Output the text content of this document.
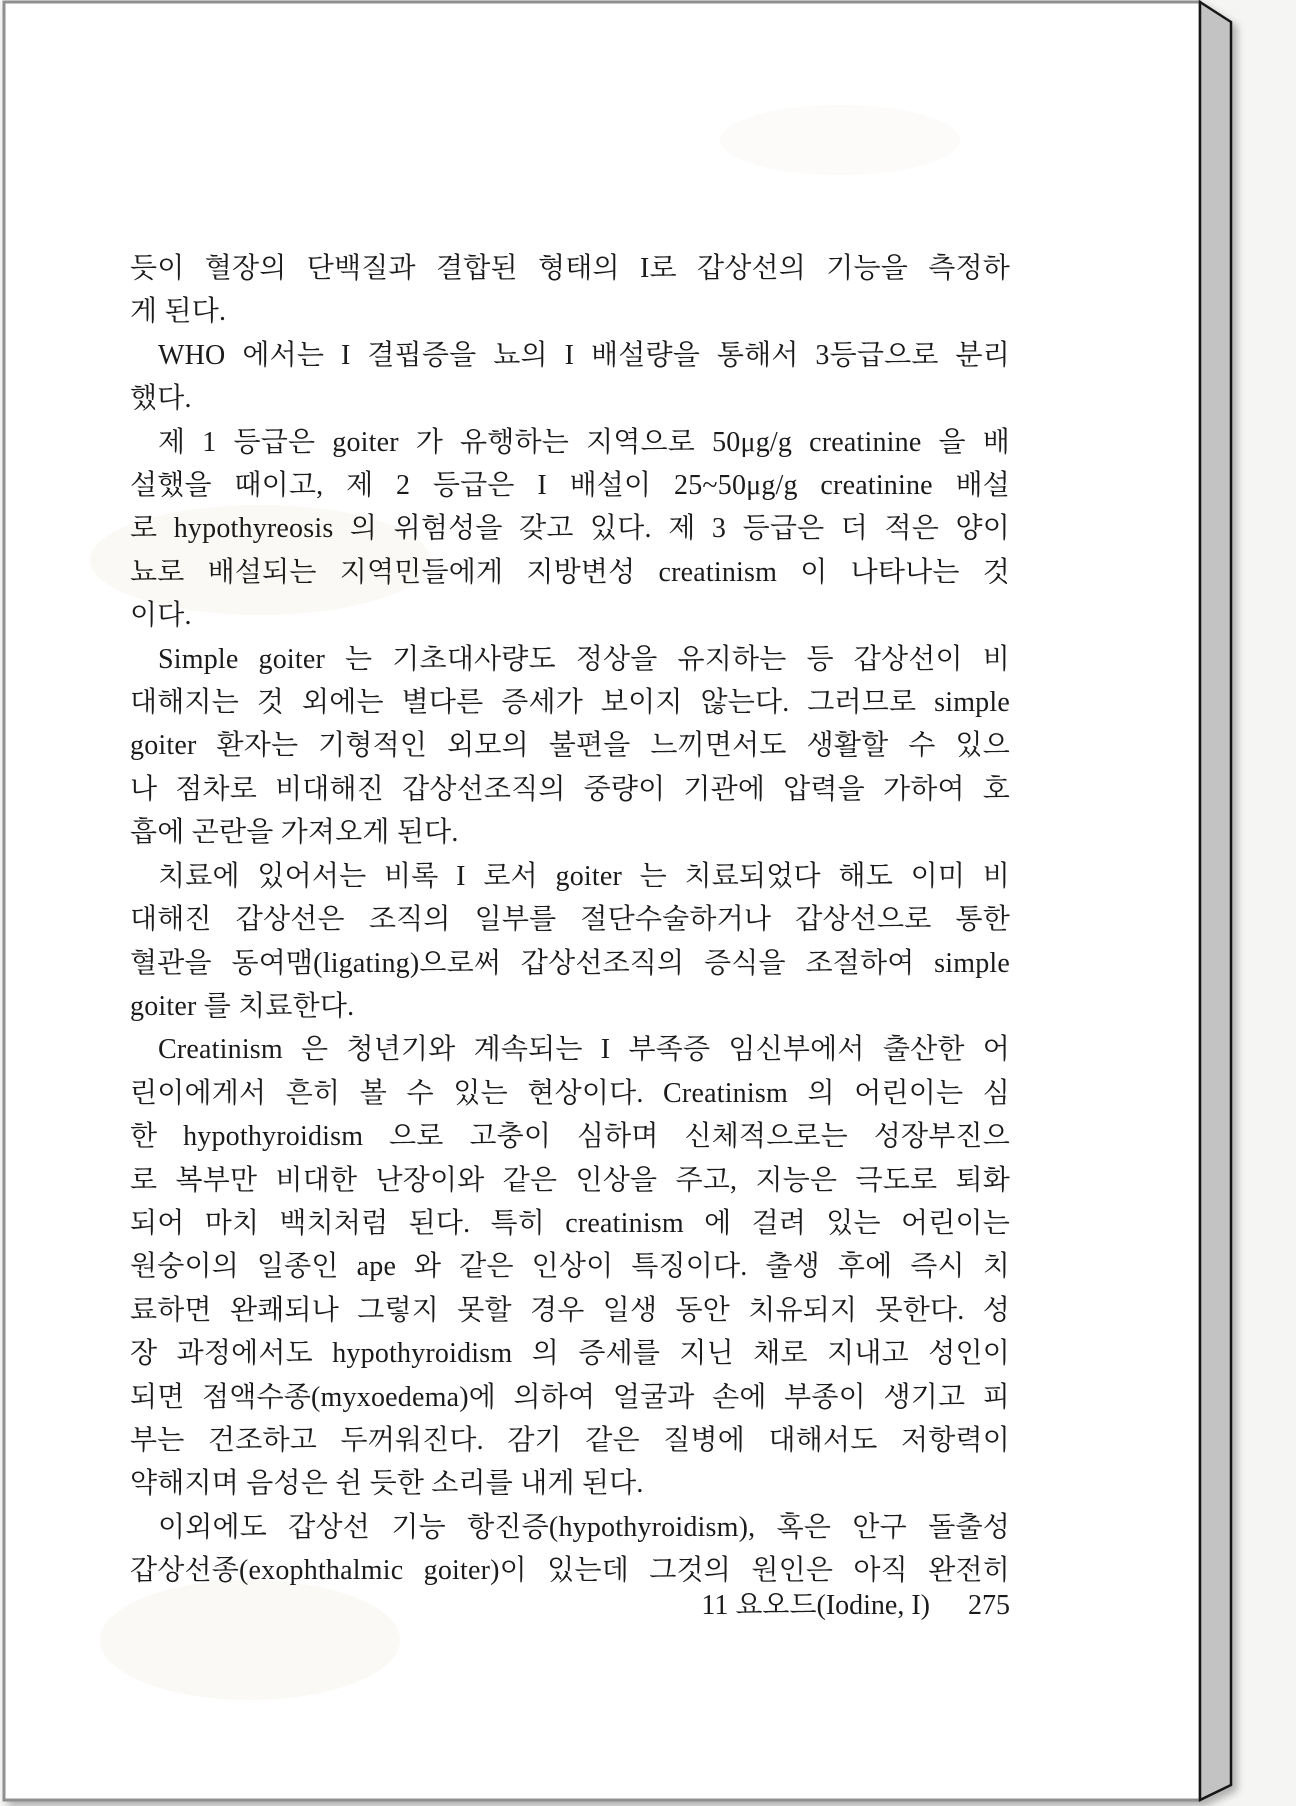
듯이 혈장의 단백질과 결합된 형태의 I로 갑상선의 기능을 측정하
게 된다.
WHO 에서는 I 결핍증을 뇨의 I 배설량을 통해서 3등급으로 분리
했다.
제 1 등급은 goiter 가 유행하는 지역으로 50μg/g creatinine 을 배
설했을 때이고, 제 2 등급은 I 배설이 25~50μg/g creatinine 배설
로 hypothyreosis 의 위험성을 갖고 있다. 제 3 등급은 더 적은 양이
뇨로 배설되는 지역민들에게 지방변성 creatinism 이 나타나는 것
이다.
Simple goiter 는 기초대사량도 정상을 유지하는 등 갑상선이 비
대해지는 것 외에는 별다른 증세가 보이지 않는다. 그러므로 simple
goiter 환자는 기형적인 외모의 불편을 느끼면서도 생활할 수 있으
나 점차로 비대해진 갑상선조직의 중량이 기관에 압력을 가하여 호
흡에 곤란을 가져오게 된다.
치료에 있어서는 비록 I 로서 goiter 는 치료되었다 해도 이미 비
대해진 갑상선은 조직의 일부를 절단수술하거나 갑상선으로 통한
혈관을 동여맴(ligating)으로써 갑상선조직의 증식을 조절하여 simple
goiter 를 치료한다.
Creatinism 은 청년기와 계속되는 I 부족증 임신부에서 출산한 어
린이에게서 흔히 볼 수 있는 현상이다. Creatinism 의 어린이는 심
한 hypothyroidism 으로 고충이 심하며 신체적으로는 성장부진으
로 복부만 비대한 난장이와 같은 인상을 주고, 지능은 극도로 퇴화
되어 마치 백치처럼 된다. 특히 creatinism 에 걸려 있는 어린이는
원숭이의 일종인 ape 와 같은 인상이 특징이다. 출생 후에 즉시 치
료하면 완쾌되나 그렇지 못할 경우 일생 동안 치유되지 못한다. 성
장 과정에서도 hypothyroidism 의 증세를 지닌 채로 지내고 성인이
되면 점액수종(myxoedema)에 의하여 얼굴과 손에 부종이 생기고 피
부는 건조하고 두꺼워진다. 감기 같은 질병에 대해서도 저항력이
약해지며 음성은 쉰 듯한 소리를 내게 된다.
이외에도 갑상선 기능 항진증(hypothyroidism), 혹은 안구 돌출성
갑상선종(exophthalmic goiter)이 있는데 그것의 원인은 아직 완전히
11 요오드(Iodine, I) 275
